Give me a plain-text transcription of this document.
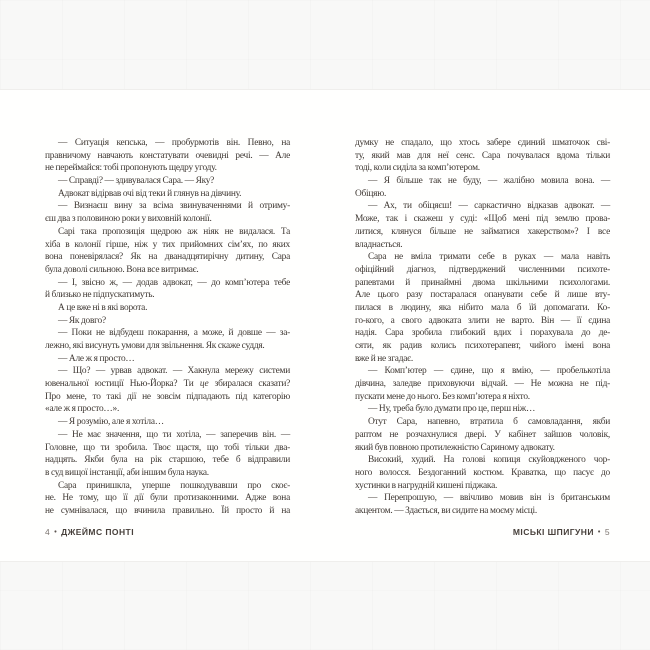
— Ситуація кепська, — пробурмотів він. Певно, на
правничому навчають констатувати очевидні речі. — Але
не переймайся: тобі пропонують щедру угоду.
— Справді? — здивувалася Сара. — Яку?
Адвокат відірвав очі від теки й глянув на дівчину.
— Визнаєш вину за всіма звинуваченнями й отриму-
єш два з половиною роки у виховній колонії.
Сарі така пропозиція щедрою аж ніяк не видалася. Та
хіба в колонії гірше, ніж у тих прийомних сім’ях, по яких
вона поневірялася? Як на дванадцятирічну дитину, Сара
була доволі сильною. Вона все витримає.
— І, звісно ж, — додав адвокат, — до комп’ютера тебе
й близько не підпускатимуть.
А це вже ні в які ворота.
— Як довго?
— Поки не відбудеш покарання, а може, й довше — за-
лежно, які висунуть умови для звільнення. Як скаже суддя.
— Але ж я просто…
— Що? — урвав адвокат. — Хакнула мережу системи
ювенальної юстиції Нью-Йорка? Ти це збиралася сказати?
Про мене, то такі дії не зовсім підпадають під категорію
«але ж я просто…».
— Я розумію, але я хотіла…
— Не має значення, що ти хотіла, — заперечив він. —
Головне, що ти зробила. Твоє щастя, що тобі тільки два-
надцять. Якби була на рік старшою, тебе б відправили
в суд вищої інстанції, аби іншим була наука.
Сара принишкла, уперше пошкодувавши про скоє-
не. Не тому, що її дії були протизаконними. Адже вона
не сумнівалася, що вчинила правильно. Їй просто й на
4 • ДЖЕЙМС ПОНТІ
думку не спадало, що хтось забере єдиний шматочок сві-
ту, який мав для неї сенс. Сара почувалася вдома тільки
тоді, коли сиділа за комп’ютером.
— Я більше так не буду, — жалібно мовила вона. —
Обіцяю.
— Ах, ти обіцяєш! — саркастично відказав адвокат. —
Може, так і скажеш у суді: «Щоб мені під землю прова-
литися, клянуся більше не займатися хакерством»? І все
владнається.
Сара не вміла тримати себе в руках — мала навіть
офіційний діагноз, підтверджений численними психоте-
рапевтами й принаймні двома шкільними психологами.
Але цього разу постаралася опанувати себе й лише вту-
пилася в людину, яка нібито мала б їй допомагати. Ко-
го-кого, а свого адвоката злити не варто. Він — її єдина
надія. Сара зробила глибокий вдих і порахувала до де-
сяти, як радив колись психотерапевт, чийого імені вона
вже й не згадає.
— Комп’ютер — єдине, що я вмію, — пробелькотіла
дівчина, заледве приховуючи відчай. — Не можна не під-
пускати мене до нього. Без комп’ютера я ніхто.
— Ну, треба було думати про це, перш ніж…
Отут Сара, напевно, втратила б самовладання, якби
раптом не розчахнулися двері. У кабінет зайшов чоловік,
який був повною протилежністю Сариному адвокату.
Високий, худий. На голові копиця скуйовдженого чор-
ного волосся. Бездоганний костюм. Краватка, що пасує до
хустинки в нагрудній кишені піджака.
— Перепрошую, — ввічливо мовив він із британським
акцентом. — Здається, ви сидите на моєму місці.
МІСЬКІ ШПИГУНИ • 5
